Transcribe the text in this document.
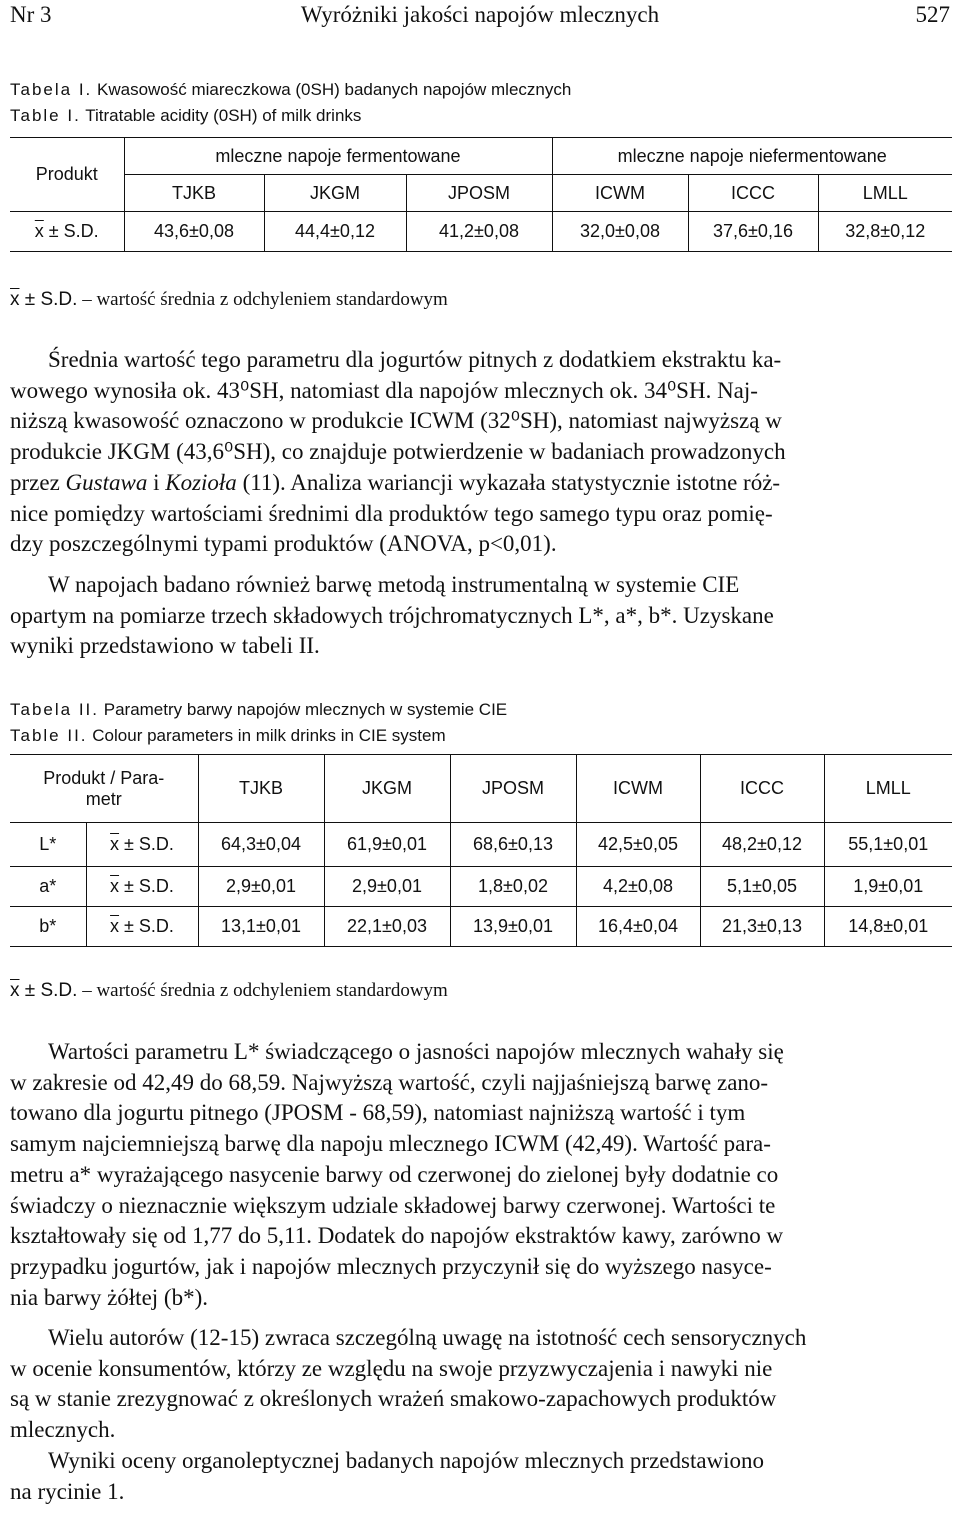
Nr 3	Wyróżniki jakości napojów mlecznych	527
Tabela I. Kwasowość miareczkowa (0SH) badanych napojów mlecznych
Table I. Titratable acidity (0SH) of milk drinks
Produkt	mleczne napoje fermentowane			mleczne napoje niefermentowane		
	TJKB	JKGM	JPOSM	ICWM	ICCC	LMLL
$\overline{x} \pm S.D$.	43,6±0,08	44,4±0,12	41,2±0,08	32,0±0,08	37,6±0,16	32,8±0,12
$\overline{x} \pm S.D$. – wartość średnia z odchyleniem standardowym
Średnia wartość tego parametru dla jogurtów pitnych z dodatkiem ekstraktu ka-
wowego wynosiła ok. 43⁰SH, natomiast dla napojów mlecznych ok. 34⁰SH. Naj-
niższą kwasowość oznaczono w produkcie ICWM (32⁰SH), natomiast najwyższą w
produkcie JKGM (43,6⁰SH), co znajduje potwierdzenie w badaniach prowadzonych
przez Gustawa i Kozioła (11). Analiza wariancji wykazała statystycznie istotne róż-
nice pomiędzy wartościami średnimi dla produktów tego samego typu oraz pomię-
dzy poszczególnymi typami produktów (ANOVA, p<0,01).
W napojach badano również barwę metodą instrumentalną w systemie CIE
opartym na pomiarze trzech składowych trójchromatycznych L*, a*, b*. Uzyskane
wyniki przedstawiono w tabeli II.
Tabela II. Parametry barwy napojów mlecznych w systemie CIE
Table II. Colour parameters in milk drinks in CIE system
Produkt / Para-
metr		TJKB	JKGM	JPOSM	ICWM	ICCC	LMLL
L*	$\overline{x} \pm S.D$.	64,3±0,04	61,9±0,01	68,6±0,13	42,5±0,05	48,2±0,12	55,1±0,01
a*	$\overline{x} \pm S.D$.	2,9±0,01	2,9±0,01	1,8±0,02	4,2±0,08	5,1±0,05	1,9±0,01
b*	$\overline{x} \pm S.D$.	13,1±0,01	22,1±0,03	13,9±0,01	16,4±0,04	21,3±0,13	14,8±0,01
$\overline{x} \pm S.D$. – wartość średnia z odchyleniem standardowym
Wartości parametru L* świadczącego o jasności napojów mlecznych wahały się
w zakresie od 42,49 do 68,59. Najwyższą wartość, czyli najjaśniejszą barwę zano-
towano dla jogurtu pitnego (JPOSM - 68,59), natomiast najniższą wartość i tym
samym najciemniejszą barwę dla napoju mlecznego ICWM (42,49). Wartość para-
metru a* wyrażającego nasycenie barwy od czerwonej do zielonej były dodatnie co
świadczy o nieznacznie większym udziale składowej barwy czerwonej. Wartości te
kształtowały się od 1,77 do 5,11. Dodatek do napojów ekstraktów kawy, zarówno w
przypadku jogurtów, jak i napojów mlecznych przyczynił się do wyższego nasyce-
nia barwy żółtej (b*).
Wielu autorów (12-15) zwraca szczególną uwagę na istotność cech sensorycznych
w ocenie konsumentów, którzy ze względu na swoje przyzwyczajenia i nawyki nie
są w stanie zrezygnować z określonych wrażeń smakowo-zapachowych produktów
mlecznych.
Wyniki oceny organoleptycznej badanych napojów mlecznych przedstawiono
na rycinie 1.
